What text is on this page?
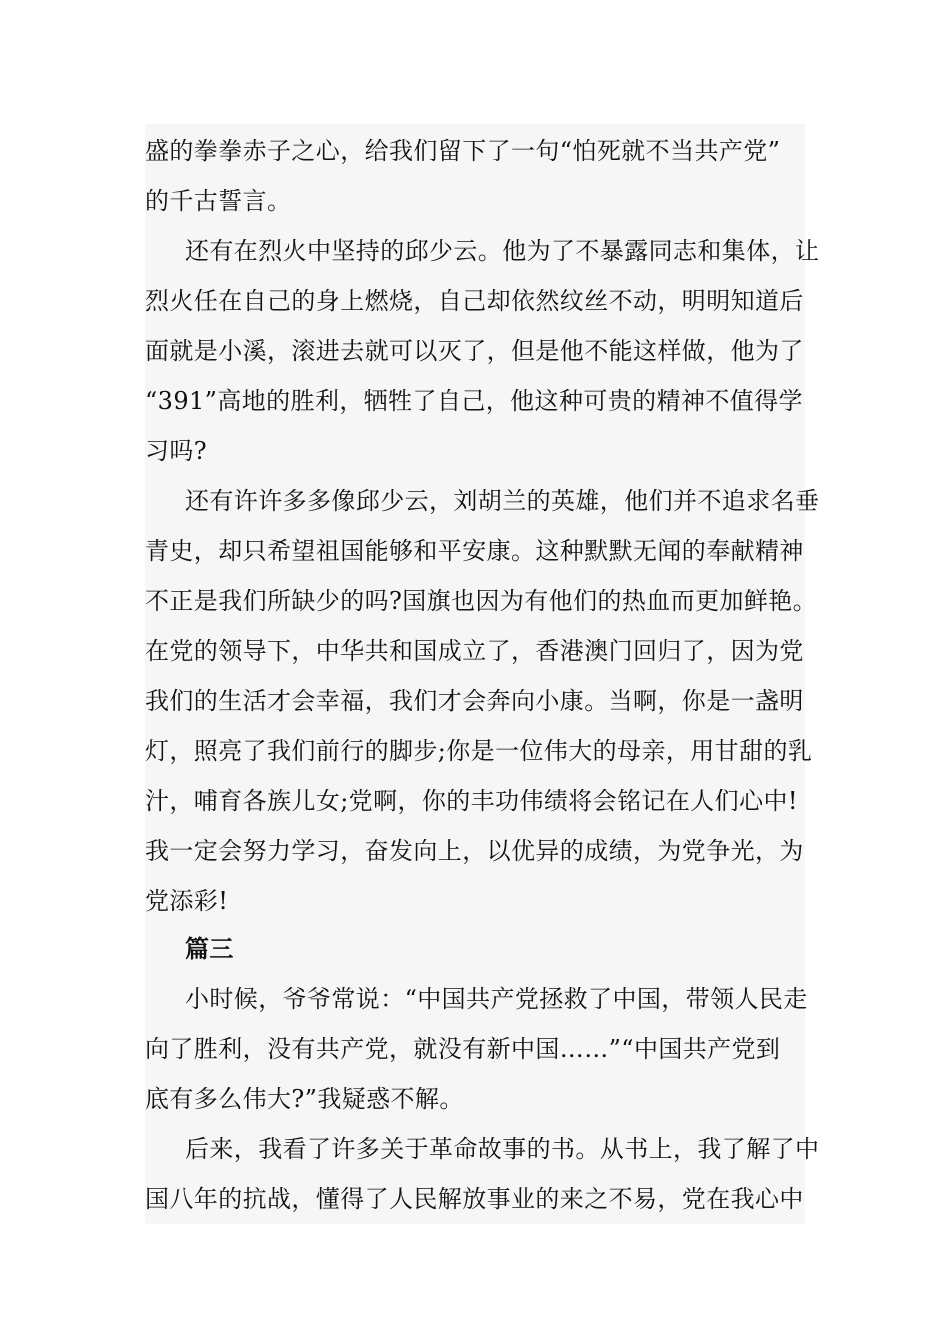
盛的拳拳赤子之心，给我们留下了一句“怕死就不当共产党”
的千古誓言。
还有在烈火中坚持的邱少云。他为了不暴露同志和集体，让
烈火任在自己的身上燃烧，自己却依然纹丝不动，明明知道后
面就是小溪，滚进去就可以灭了，但是他不能这样做，他为了
“391”高地的胜利，牺牲了自己，他这种可贵的精神不值得学
习吗?
还有许许多多像邱少云，刘胡兰的英雄，他们并不追求名垂
青史，却只希望祖国能够和平安康。这种默默无闻的奉献精神
不正是我们所缺少的吗?国旗也因为有他们的热血而更加鲜艳。
在党的领导下，中华共和国成立了，香港澳门回归了，因为党
我们的生活才会幸福，我们才会奔向小康。当啊，你是一盏明
灯，照亮了我们前行的脚步;你是一位伟大的母亲，用甘甜的乳
汁，哺育各族儿女;党啊，你的丰功伟绩将会铭记在人们心中!
我一定会努力学习，奋发向上，以优异的成绩，为党争光，为
党添彩!
篇三
小时候，爷爷常说：“中国共产党拯救了中国，带领人民走
向了胜利，没有共产党，就没有新中国……”“中国共产党到
底有多么伟大?”我疑惑不解。
后来，我看了许多关于革命故事的书。从书上，我了解了中
国八年的抗战，懂得了人民解放事业的来之不易，党在我心中
